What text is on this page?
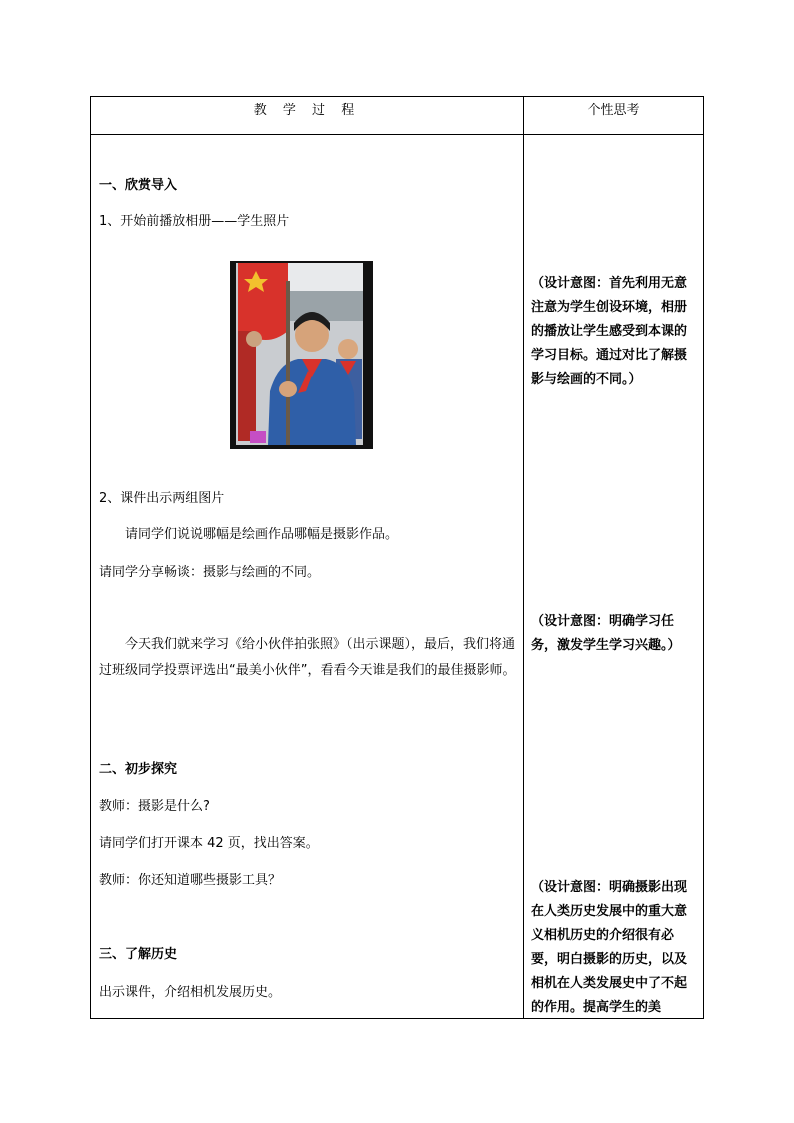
教 学 过 程	个性思考
一、欣赏导入
1、开始前播放相册——学生照片
2、课件出示两组图片
请同学们说说哪幅是绘画作品哪幅是摄影作品。
请同学分享畅谈：摄影与绘画的不同。
今天我们就来学习《给小伙伴拍张照》（出示课题），最后，我们将通过班级同学投票评选出“最美小伙伴”，看看今天谁是我们的最佳摄影师。
二、初步探究
教师：摄影是什么?
请同学们打开课本 42 页，找出答案。
教师：你还知道哪些摄影工具？
三、了解历史
出示课件，介绍相机发展历史。
（设计意图：首先利用无意注意为学生创设环境，相册的播放让学生感受到本课的学习目标。通过对比了解摄影与绘画的不同。）
（设计意图：明确学习任务，激发学生学习兴趣。）
（设计意图：明确摄影出现在人类历史发展中的重大意义相机历史的介绍很有必要，明白摄影的历史，以及相机在人类发展史中了不起的作用。提高学生的美
